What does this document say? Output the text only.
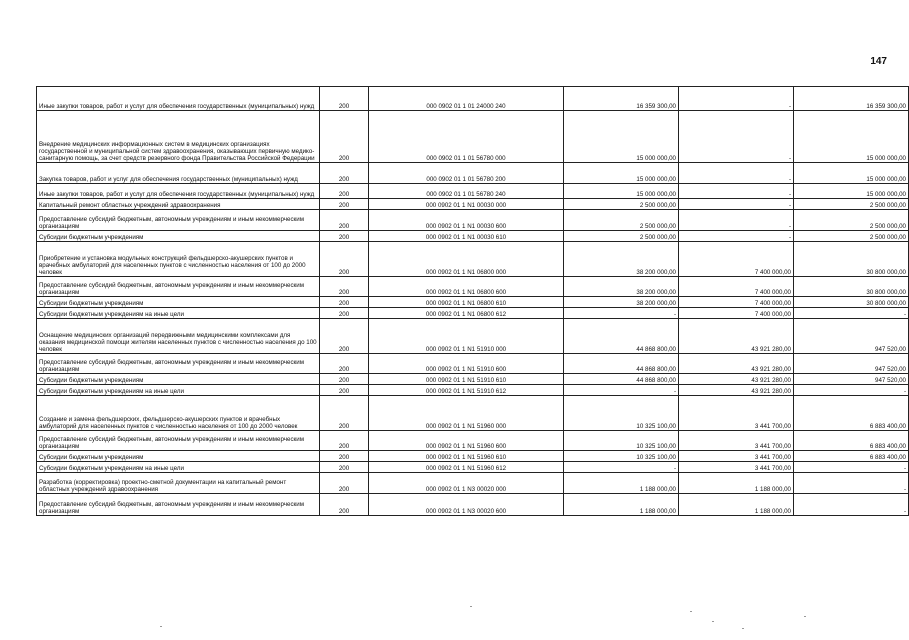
147
Иные закупки товаров, работ и услуг для обеспечения государственных (муниципальных) нужд	200	000 0902 01 1 01 24000 240	16 359 300,00	-	16 359 300,00
Внедрение медицинских информационных систем в медицинских организациях государственной и муниципальной систем здравоохранения, оказывающих первичную медико-санитарную помощь, за счет средств резервного фонда Правительства Российской Федерации	200	000 0902 01 1 01 56780 000	15 000 000,00	-	15 000 000,00
Закупка товаров, работ и услуг для обеспечения государственных (муниципальных) нужд	200	000 0902 01 1 01 56780 200	15 000 000,00	-	15 000 000,00
Иные закупки товаров, работ и услуг для обеспечения государственных (муниципальных) нужд	200	000 0902 01 1 01 56780 240	15 000 000,00	-	15 000 000,00
Капитальный ремонт областных учреждений здравоохранения	200	000 0902 01 1 N1 00030 000	2 500 000,00	-	2 500 000,00
Предоставление субсидий бюджетным, автономным учреждениям и иным некоммерческим организациям	200	000 0902 01 1 N1 00030 600	2 500 000,00	-	2 500 000,00
Субсидии бюджетным учреждениям	200	000 0902 01 1 N1 00030 610	2 500 000,00	-	2 500 000,00
Приобретение и установка модульных конструкций фельдшерско-акушерских пунктов и врачебных амбулаторий для населенных пунктов с численностью населения от 100 до 2000 человек	200	000 0902 01 1 N1 06800 000	38 200 000,00	7 400 000,00	30 800 000,00
Предоставление субсидий бюджетным, автономным учреждениям и иным некоммерческим организациям	200	000 0902 01 1 N1 06800 600	38 200 000,00	7 400 000,00	30 800 000,00
Субсидии бюджетным учреждениям	200	000 0902 01 1 N1 06800 610	38 200 000,00	7 400 000,00	30 800 000,00
Субсидии бюджетным учреждениям на иные цели	200	000 0902 01 1 N1 06800 612	-	7 400 000,00	-
Оснащение медицинских организаций передвижными медицинскими комплексами для оказания медицинской помощи жителям населенных пунктов с численностью населения до 100 человек	200	000 0902 01 1 N1 51910 000	44 868 800,00	43 921 280,00	947 520,00
Предоставление субсидий бюджетным, автономным учреждениям и иным некоммерческим организациям	200	000 0902 01 1 N1 51910 600	44 868 800,00	43 921 280,00	947 520,00
Субсидии бюджетным учреждениям	200	000 0902 01 1 N1 51910 610	44 868 800,00	43 921 280,00	947 520,00
Субсидии бюджетным учреждениям на иные цели	200	000 0902 01 1 N1 51910 612	-	43 921 280,00	-
Создание и замена фельдшерских, фельдшерско-акушерских пунктов и врачебных амбулаторий для населенных пунктов с численностью населения от 100 до 2000 человек	200	000 0902 01 1 N1 51960 000	10 325 100,00	3 441 700,00	6 883 400,00
Предоставление субсидий бюджетным, автономным учреждениям и иным некоммерческим организациям	200	000 0902 01 1 N1 51960 600	10 325 100,00	3 441 700,00	6 883 400,00
Субсидии бюджетным учреждениям	200	000 0902 01 1 N1 51960 610	10 325 100,00	3 441 700,00	6 883 400,00
Субсидии бюджетным учреждениям на иные цели	200	000 0902 01 1 N1 51960 612	-	3 441 700,00	-
Разработка (корректировка) проектно-сметной документации на капитальный ремонт областных учреждений здравоохранения	200	000 0902 01 1 N3 00020 000	1 188 000,00	1 188 000,00	-
Предоставление субсидий бюджетным, автономным учреждениям и иным некоммерческим организациям	200	000 0902 01 1 N3 00020 600	1 188 000,00	1 188 000,00	-
